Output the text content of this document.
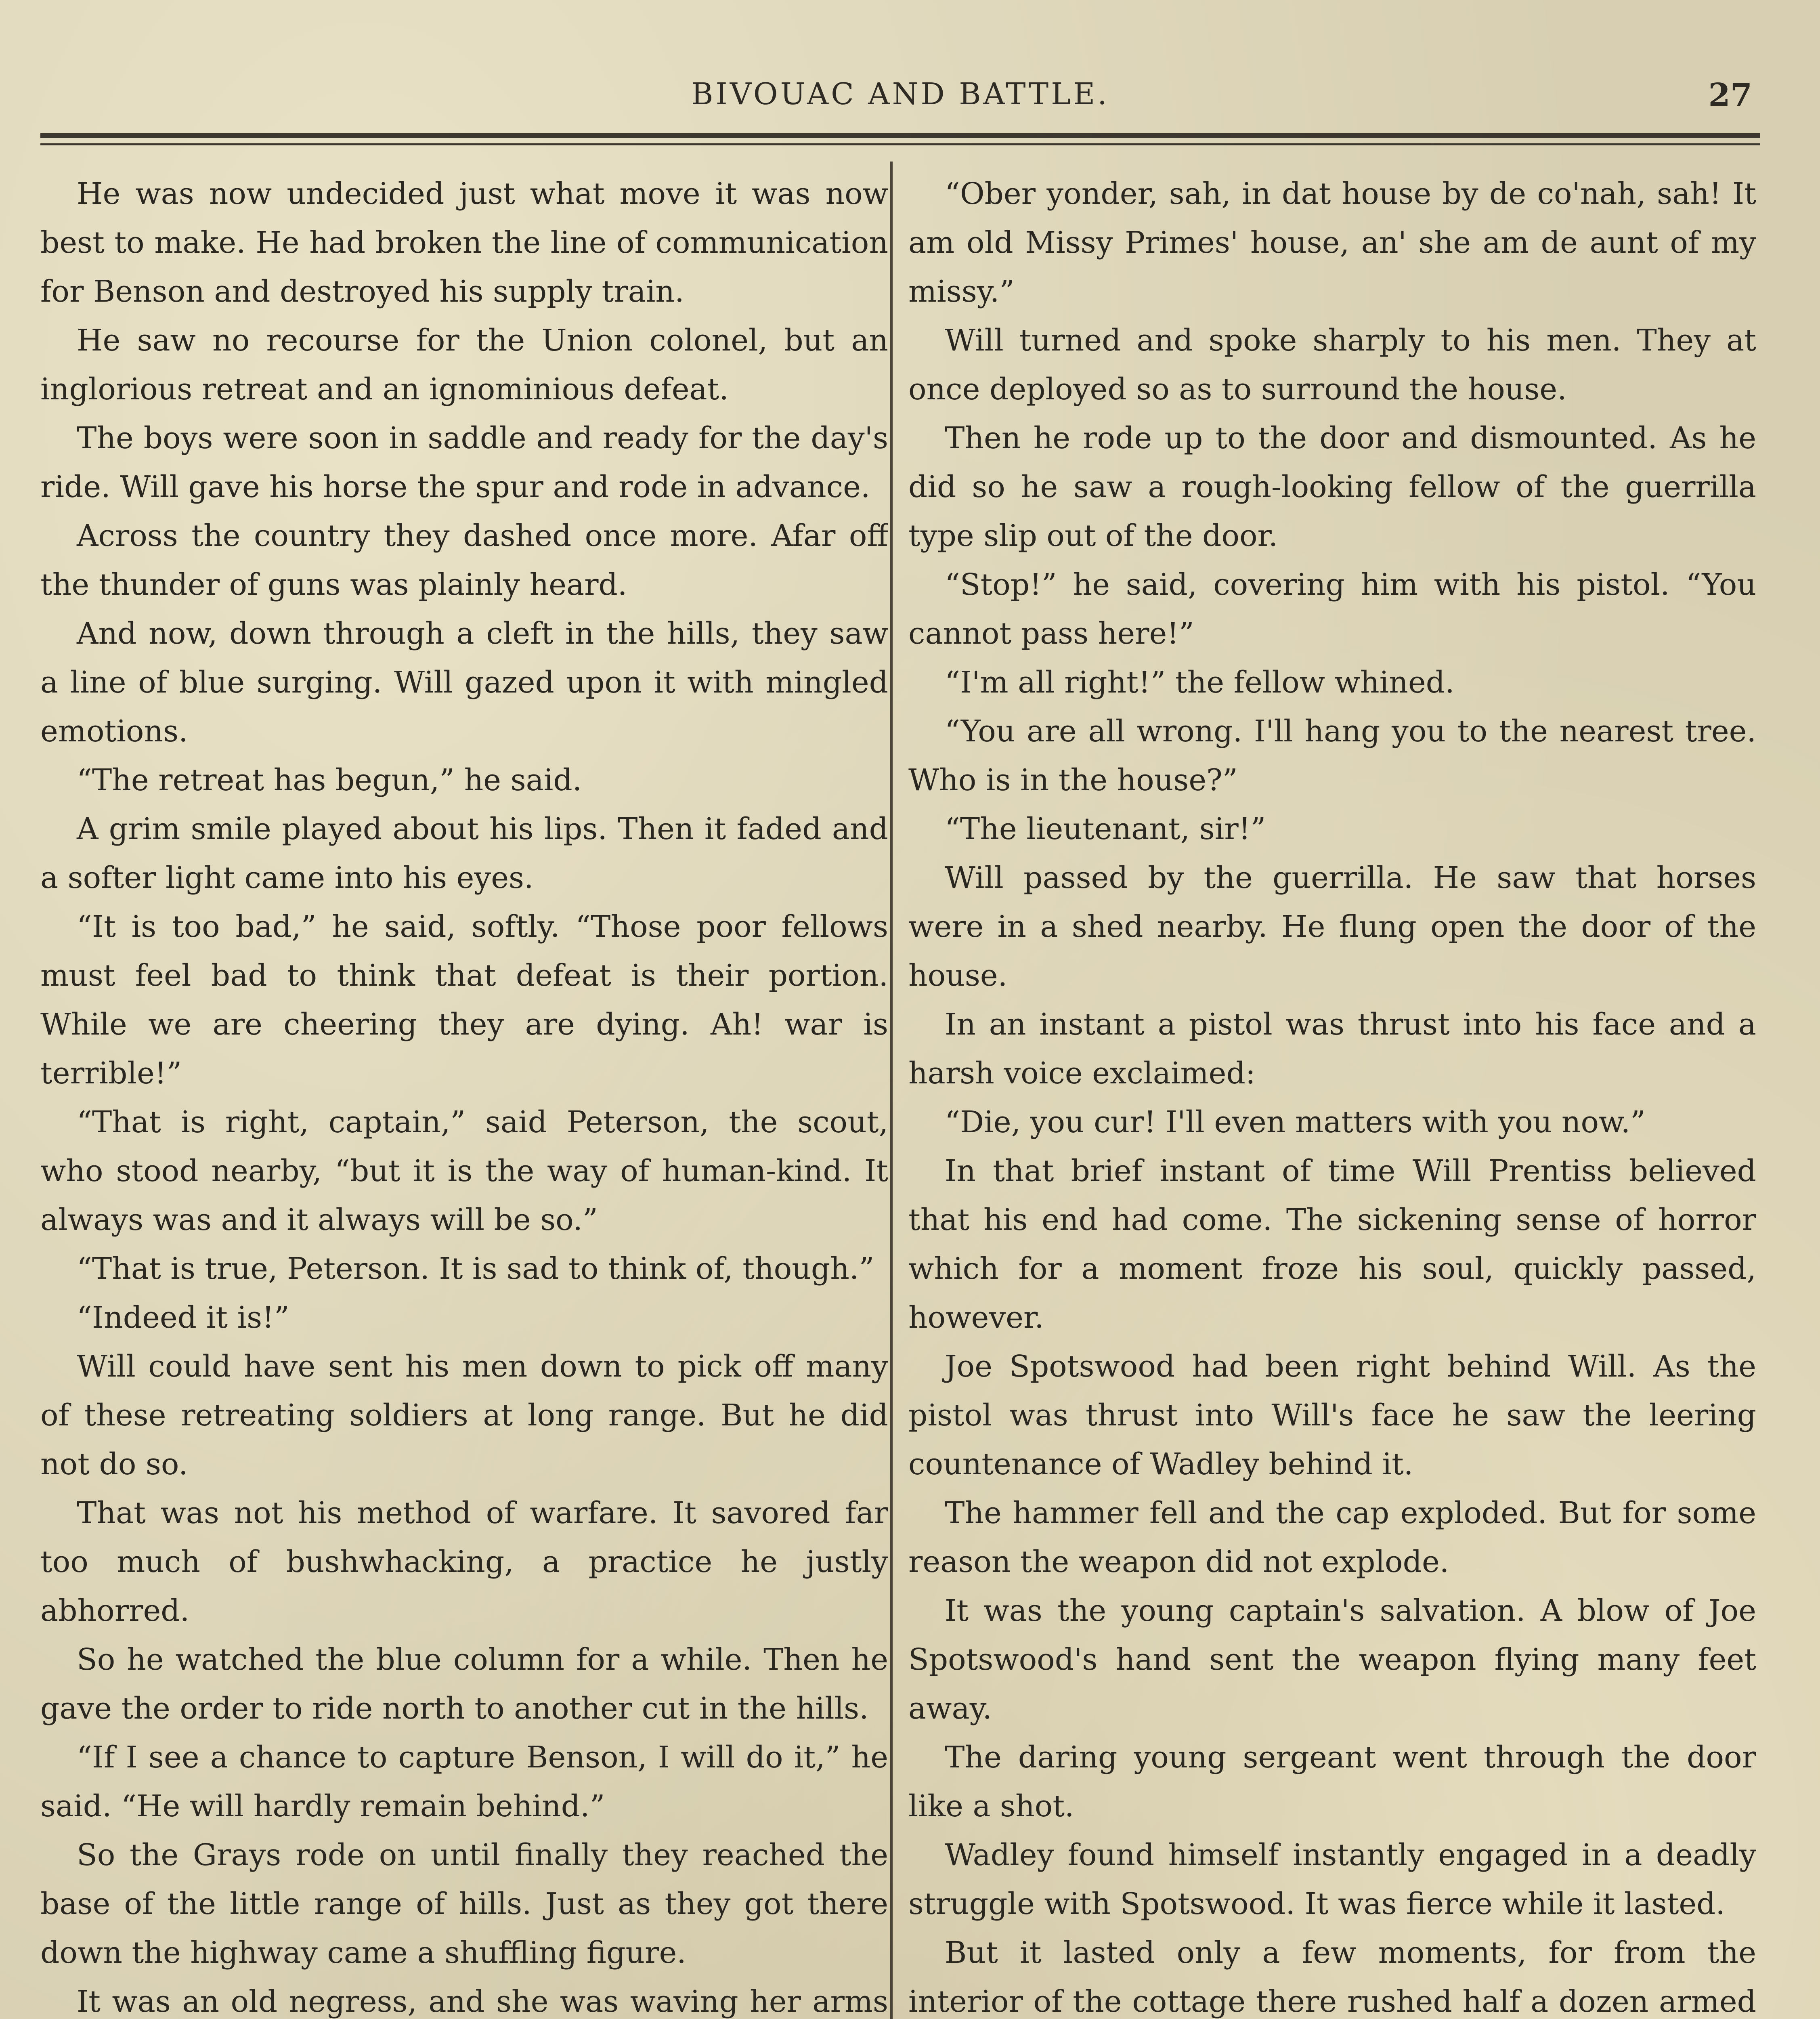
BIVOUAC AND BATTLE.	27

He was now undecided just what move it was now best to make. He had broken the line of communication for Benson and destroyed his supply train.

He saw no recourse for the Union colonel, but an inglorious retreat and an ignominious defeat.

The boys were soon in saddle and ready for the day's ride. Will gave his horse the spur and rode in advance.

Across the country they dashed once more. Afar off the thunder of guns was plainly heard.

And now, down through a cleft in the hills, they saw a line of blue surging. Will gazed upon it with mingled emotions.

“The retreat has begun,” he said.

A grim smile played about his lips. Then it faded and a softer light came into his eyes.

“It is too bad,” he said, softly. “Those poor fellows must feel bad to think that defeat is their portion. While we are cheering they are dying. Ah! war is terrible!”

“That is right, captain,” said Peterson, the scout, who stood nearby, “but it is the way of human-kind. It always was and it always will be so.”

“That is true, Peterson. It is sad to think of, though.”

“Indeed it is!”

Will could have sent his men down to pick off many of these retreating soldiers at long range. But he did not do so.

That was not his method of warfare. It savored far too much of bushwhacking, a practice he justly abhorred.

So he watched the blue column for a while. Then he gave the order to ride north to another cut in the hills.

“If I see a chance to capture Benson, I will do it,” he said. “He will hardly remain behind.”

So the Grays rode on until finally they reached the base of the little range of hills. Just as they got there down the highway came a shuffling figure.

It was an old negress, and she was waving her arms

“Ober yonder, sah, in dat house by de co'nah, sah! It am old Missy Primes' house, an' she am de aunt of my missy.”

Will turned and spoke sharply to his men. They at once deployed so as to surround the house.

Then he rode up to the door and dismounted. As he did so he saw a rough-looking fellow of the guerrilla type slip out of the door.

“Stop!” he said, covering him with his pistol. “You cannot pass here!”

“I'm all right!” the fellow whined.

“You are all wrong. I'll hang you to the nearest tree. Who is in the house?”

“The lieutenant, sir!”

Will passed by the guerrilla. He saw that horses were in a shed nearby. He flung open the door of the house.

In an instant a pistol was thrust into his face and a harsh voice exclaimed:

“Die, you cur! I'll even matters with you now.”

In that brief instant of time Will Prentiss believed that his end had come. The sickening sense of horror which for a moment froze his soul, quickly passed, however.

Joe Spotswood had been right behind Will. As the pistol was thrust into Will's face he saw the leering countenance of Wadley behind it.

The hammer fell and the cap exploded. But for some reason the weapon did not explode.

It was the young captain's salvation. A blow of Joe Spotswood's hand sent the weapon flying many feet away.

The daring young sergeant went through the door like a shot.

Wadley found himself instantly engaged in a deadly struggle with Spotswood. It was fierce while it lasted.

But it lasted only a few moments, for from the interior of the cottage there rushed half a dozen armed
